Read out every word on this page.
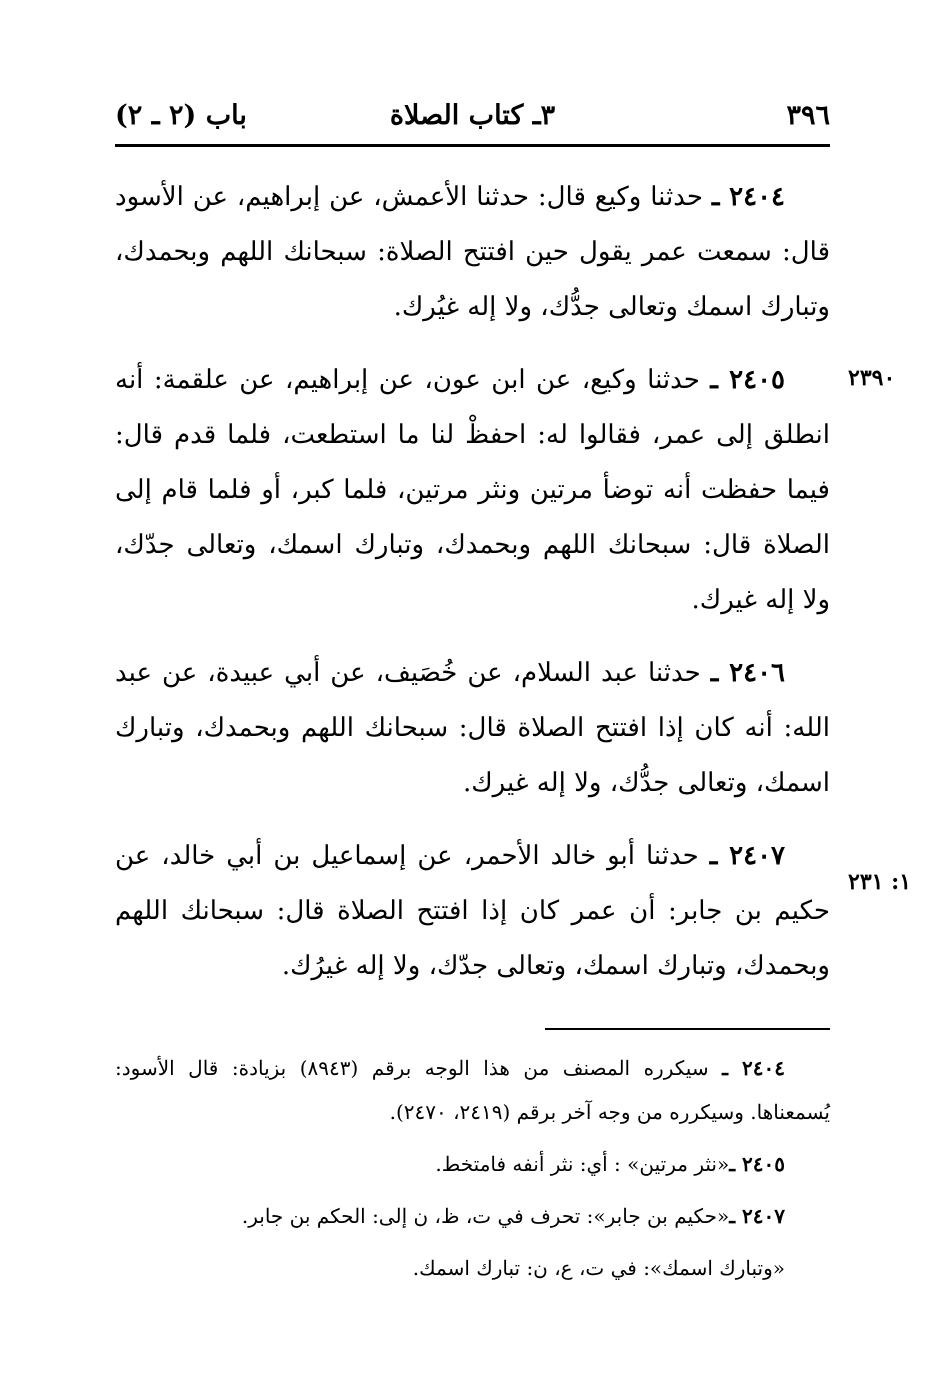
٣٩٦
٣ـ كتاب الصلاة
باب (٢ ـ ٢)
٢٣٩٠
١: ٢٣١

٢٤٠٤ ـ حدثنا وكيع قال: حدثنا الأعمش، عن إبراهيم، عن الأسود قال: سمعت عمر يقول حين افتتح الصلاة: سبحانك اللهم وبحمدك، وتبارك اسمك وتعالى جدُّك، ولا إله غيُرك.

٢٤٠٥ ـ حدثنا وكيع، عن ابن عون، عن إبراهيم، عن علقمة: أنه انطلق إلى عمر، فقالوا له: احفظْ لنا ما استطعت، فلما قدم قال: فيما حفظت أنه توضأ مرتين ونثر مرتين، فلما كبر، أو فلما قام إلى الصلاة قال: سبحانك اللهم وبحمدك، وتبارك اسمك، وتعالى جدّك، ولا إله غيرك.

٢٤٠٦ ـ حدثنا عبد السلام، عن خُصَيف، عن أبي عبيدة، عن عبد الله: أنه كان إذا افتتح الصلاة قال: سبحانك اللهم وبحمدك، وتبارك اسمك، وتعالى جدُّك، ولا إله غيرك.

٢٤٠٧ ـ حدثنا أبو خالد الأحمر، عن إسماعيل بن أبي خالد، عن حكيم بن جابر: أن عمر كان إذا افتتح الصلاة قال: سبحانك اللهم وبحمدك، وتبارك اسمك، وتعالى جدّك، ولا إله غيرُك.

٢٤٠٤ ـ سيكرره المصنف من هذا الوجه برقم (٨٩٤٣) بزيادة: قال الأسود: يُسمعناها. وسيكرره من وجه آخر برقم (٢٤١٩، ٢٤٧٠).

٢٤٠٥ ـ«نثر مرتين» : أي: نثر أنفه فامتخط.

٢٤٠٧ ـ«حكيم بن جابر»: تحرف في ت، ظ، ن إلى: الحكم بن جابر.

«وتبارك اسمك»: في ت، ع، ن: تبارك اسمك.
